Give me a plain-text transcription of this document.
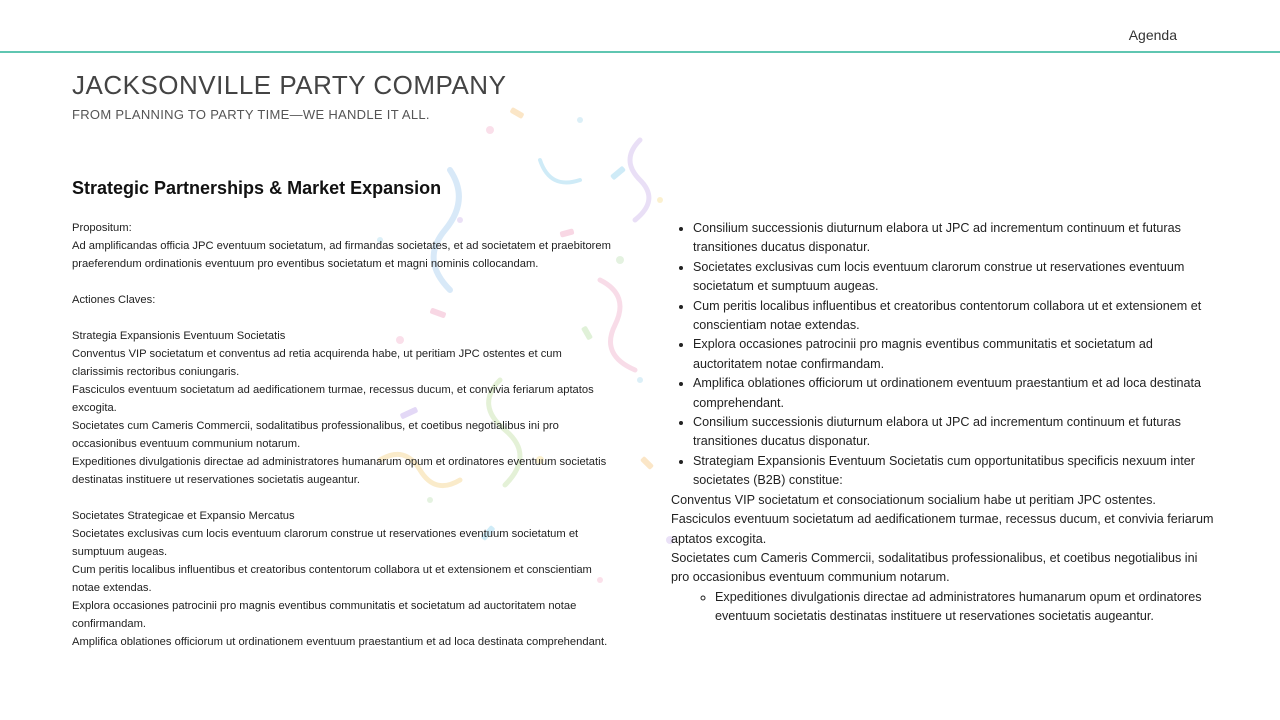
Agenda
JACKSONVILLE PARTY COMPANY

FROM PLANNING TO PARTY TIME—WE HANDLE IT ALL.

Strategic Partnerships & Market Expansion

Propositum:

Ad amplificandas officia JPC eventuum societatum, ad firmandas societates, et ad societatem et praebitorem praeferendum ordinationis eventuum pro eventibus societatum et magni nominis collocandam.

Actiones Claves:

Strategia Expansionis Eventuum Societatis

Conventus VIP societatum et conventus ad retia acquirenda habe, ut peritiam JPC ostentes et cum clarissimis rectoribus coniungaris.

Fasciculos eventuum societatum ad aedificationem turmae, recessus ducum, et convivia feriarum aptatos excogita.

Societates cum Cameris Commercii, sodalitatibus professionalibus, et coetibus negotialibus ini pro occasionibus eventuum communium notarum.

Expeditiones divulgationis directae ad administratores humanarum opum et ordinatores eventuum societatis destinatas instituere ut reservationes societatis augeantur.

Societates Strategicae et Expansio Mercatus

Societates exclusivas cum locis eventuum clarorum construe ut reservationes eventuum societatum et sumptuum augeas.

Cum peritis localibus influentibus et creatoribus contentorum collabora ut et extensionem et conscientiam notae extendas.

Explora occasiones patrocinii pro magnis eventibus communitatis et societatum ad auctoritatem notae confirmandam.

Amplifica oblationes officiorum ut ordinationem eventuum praestantium et ad loca destinata comprehendant.

• Consilium successionis diuturnum elabora ut JPC ad incrementum continuum et futuras transitiones ducatus disponatur.
• Societates exclusivas cum locis eventuum clarorum construe ut reservationes eventuum societatum et sumptuum augeas.
• Cum peritis localibus influentibus et creatoribus contentorum collabora ut et extensionem et conscientiam notae extendas.
• Explora occasiones patrocinii pro magnis eventibus communitatis et societatum ad auctoritatem notae confirmandam.
• Amplifica oblationes officiorum ut ordinationem eventuum praestantium et ad loca destinata comprehendant.
• Consilium successionis diuturnum elabora ut JPC ad incrementum continuum et futuras transitiones ducatus disponatur.
• Strategiam Expansionis Eventuum Societatis cum opportunitatibus specificis nexuum inter societates (B2B) constitue:

Conventus VIP societatum et consociationum socialium habe ut peritiam JPC ostentes.

Fasciculos eventuum societatum ad aedificationem turmae, recessus ducum, et convivia feriarum aptatos excogita.

Societates cum Cameris Commercii, sodalitatibus professionalibus, et coetibus negotialibus ini pro occasionibus eventuum communium notarum.

◦ Expeditiones divulgationis directae ad administratores humanarum opum et ordinatores eventuum societatis destinatas instituere ut reservationes societatis augeantur.
